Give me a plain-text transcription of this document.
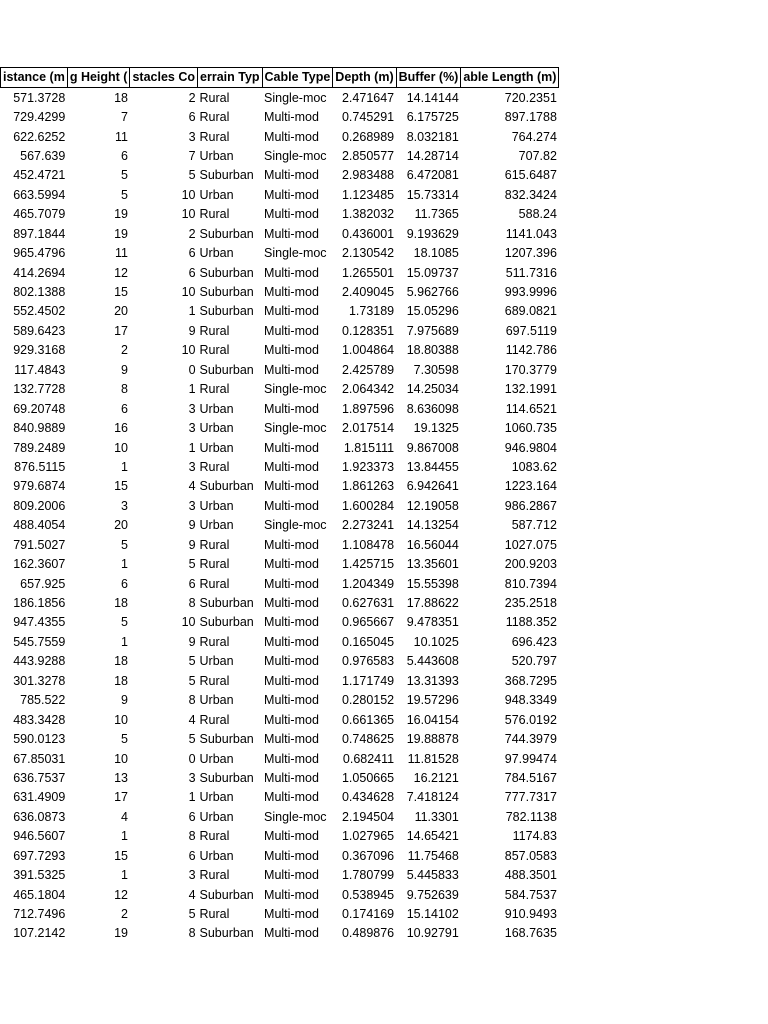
istance (m	g Height (	stacles Co	errain Typ	Cable Type	Depth (m)	Buffer (%)	able Length (m)
571.3728	18	2	Rural	Single-moc	2.471647	14.14144	720.2351
729.4299	7	6	Rural	Multi-mod	0.745291	6.175725	897.1788
622.6252	11	3	Rural	Multi-mod	0.268989	8.032181	764.274
567.639	6	7	Urban	Single-moc	2.850577	14.28714	707.82
452.4721	5	5	Suburban	Multi-mod	2.983488	6.472081	615.6487
663.5994	5	10	Urban	Multi-mod	1.123485	15.73314	832.3424
465.7079	19	10	Rural	Multi-mod	1.382032	11.7365	588.24
897.1844	19	2	Suburban	Multi-mod	0.436001	9.193629	1141.043
965.4796	11	6	Urban	Single-moc	2.130542	18.1085	1207.396
414.2694	12	6	Suburban	Multi-mod	1.265501	15.09737	511.7316
802.1388	15	10	Suburban	Multi-mod	2.409045	5.962766	993.9996
552.4502	20	1	Suburban	Multi-mod	1.73189	15.05296	689.0821
589.6423	17	9	Rural	Multi-mod	0.128351	7.975689	697.5119
929.3168	2	10	Rural	Multi-mod	1.004864	18.80388	1142.786
117.4843	9	0	Suburban	Multi-mod	2.425789	7.30598	170.3779
132.7728	8	1	Rural	Single-moc	2.064342	14.25034	132.1991
69.20748	6	3	Urban	Multi-mod	1.897596	8.636098	114.6521
840.9889	16	3	Urban	Single-moc	2.017514	19.1325	1060.735
789.2489	10	1	Urban	Multi-mod	1.815111	9.867008	946.9804
876.5115	1	3	Rural	Multi-mod	1.923373	13.84455	1083.62
979.6874	15	4	Suburban	Multi-mod	1.861263	6.942641	1223.164
809.2006	3	3	Urban	Multi-mod	1.600284	12.19058	986.2867
488.4054	20	9	Urban	Single-moc	2.273241	14.13254	587.712
791.5027	5	9	Rural	Multi-mod	1.108478	16.56044	1027.075
162.3607	1	5	Rural	Multi-mod	1.425715	13.35601	200.9203
657.925	6	6	Rural	Multi-mod	1.204349	15.55398	810.7394
186.1856	18	8	Suburban	Multi-mod	0.627631	17.88622	235.2518
947.4355	5	10	Suburban	Multi-mod	0.965667	9.478351	1188.352
545.7559	1	9	Rural	Multi-mod	0.165045	10.1025	696.423
443.9288	18	5	Urban	Multi-mod	0.976583	5.443608	520.797
301.3278	18	5	Rural	Multi-mod	1.171749	13.31393	368.7295
785.522	9	8	Urban	Multi-mod	0.280152	19.57296	948.3349
483.3428	10	4	Rural	Multi-mod	0.661365	16.04154	576.0192
590.0123	5	5	Suburban	Multi-mod	0.748625	19.88878	744.3979
67.85031	10	0	Urban	Multi-mod	0.682411	11.81528	97.99474
636.7537	13	3	Suburban	Multi-mod	1.050665	16.2121	784.5167
631.4909	17	1	Urban	Multi-mod	0.434628	7.418124	777.7317
636.0873	4	6	Urban	Single-moc	2.194504	11.3301	782.1138
946.5607	1	8	Rural	Multi-mod	1.027965	14.65421	1174.83
697.7293	15	6	Urban	Multi-mod	0.367096	11.75468	857.0583
391.5325	1	3	Rural	Multi-mod	1.780799	5.445833	488.3501
465.1804	12	4	Suburban	Multi-mod	0.538945	9.752639	584.7537
712.7496	2	5	Rural	Multi-mod	0.174169	15.14102	910.9493
107.2142	19	8	Suburban	Multi-mod	0.489876	10.92791	168.7635
